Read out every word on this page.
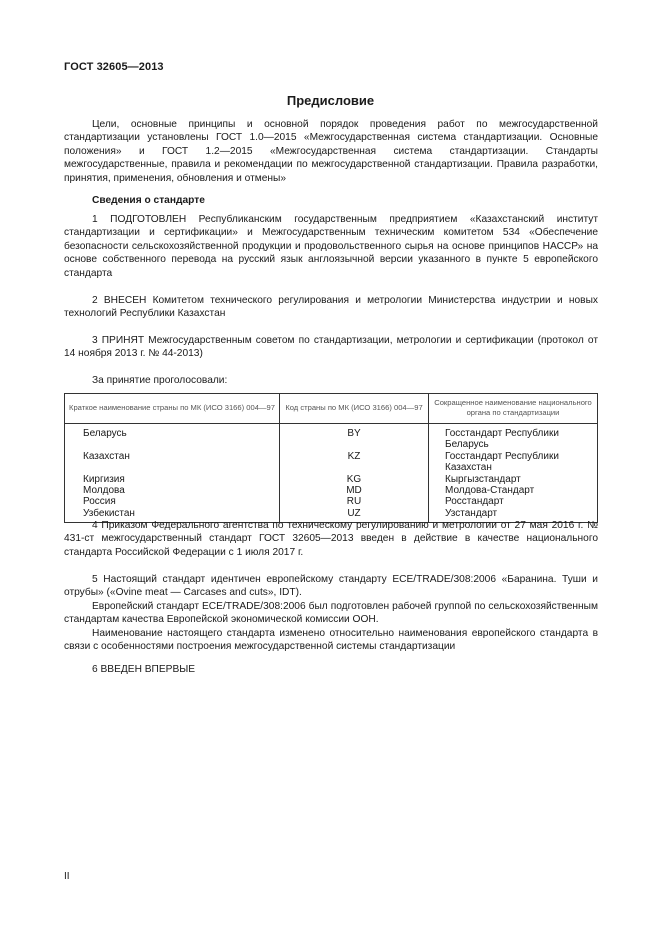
ГОСТ 32605—2013
Предисловие

Цели, основные принципы и основной порядок проведения работ по межгосударственной стандартизации установлены ГОСТ 1.0—2015 «Межгосударственная система стандартизации. Основные положения» и ГОСТ 1.2—2015 «Межгосударственная система стандартизации. Стандарты межгосударственные, правила и рекомендации по межгосударственной стандартизации. Правила разработки, принятия, применения, обновления и отмены»

Сведения о стандарте

1 ПОДГОТОВЛЕН Республиканским государственным предприятием «Казахстанский институт стандартизации и сертификации» и Межгосударственным техническим комитетом 534 «Обеспечение безопасности сельскохозяйственной продукции и продовольственного сырья на основе принципов НАССР» на основе собственного перевода на русский язык англоязычной версии указанного в пункте 5 европейского стандарта

2 ВНЕСЕН Комитетом технического регулирования и метрологии Министерства индустрии и новых технологий Республики Казахстан

3 ПРИНЯТ Межгосударственным советом по стандартизации, метрологии и сертификации (протокол от 14 ноября 2013 г. № 44-2013)

За принятие проголосовали:

Краткое наименование страны по МК (ИСО 3166) 004—97	Код страны по МК (ИСО 3166) 004—97	Сокращенное наименование национального органа по стандартизации
Беларусь	BY	Госстандарт Республики Беларусь
Казахстан	KZ	Госстандарт Республики Казахстан
Киргизия	KG	Кыргызстандарт
Молдова	MD	Молдова-Стандарт
Россия	RU	Росстандарт
Узбекистан	UZ	Узстандарт

4 Приказом Федерального агентства по техническому регулированию и метрологии от 27 мая 2016 г. № 431-ст межгосударственный стандарт ГОСТ 32605—2013 введен в действие в качестве национального стандарта Российской Федерации с 1 июля 2017 г.

5 Настоящий стандарт идентичен европейскому стандарту ECE/TRADE/308:2006 «Баранина. Туши и отрубы» («Ovine meat — Carcases and cuts», IDT).

Европейский стандарт ECE/TRADE/308:2006 был подготовлен рабочей группой по сельскохозяйственным стандартам качества Европейской экономической комиссии ООН.

Наименование настоящего стандарта изменено относительно наименования европейского стандарта в связи с особенностями построения межгосударственной системы стандартизации

6 ВВЕДЕН ВПЕРВЫЕ

II
